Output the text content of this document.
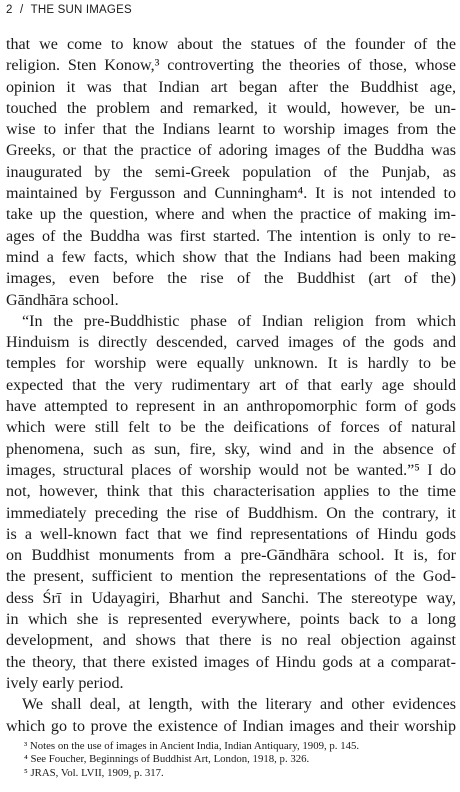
2 / THE SUN IMAGES
that we come to know about the statues of the founder of the
religion. Sten Konow,³ controverting the theories of those, whose
opinion it was that Indian art began after the Buddhist age,
touched the problem and remarked, it would, however, be un-
wise to infer that the Indians learnt to worship images from the
Greeks, or that the practice of adoring images of the Buddha was
inaugurated by the semi-Greek population of the Punjab, as
maintained by Fergusson and Cunningham⁴. It is not intended to
take up the question, where and when the practice of making im-
ages of the Buddha was first started. The intention is only to re-
mind a few facts, which show that the Indians had been making
images, even before the rise of the Buddhist (art of the)
Gāndhāra school.
“In the pre-Buddhistic phase of Indian religion from which
Hinduism is directly descended, carved images of the gods and
temples for worship were equally unknown. It is hardly to be
expected that the very rudimentary art of that early age should
have attempted to represent in an anthropomorphic form of gods
which were still felt to be the deifications of forces of natural
phenomena, such as sun, fire, sky, wind and in the absence of
images, structural places of worship would not be wanted.”⁵ I do
not, however, think that this characterisation applies to the time
immediately preceding the rise of Buddhism. On the contrary, it
is a well-known fact that we find representations of Hindu gods
on Buddhist monuments from a pre-Gāndhāra school. It is, for
the present, sufficient to mention the representations of the God-
dess Śrī in Udayagiri, Bharhut and Sanchi. The stereotype way,
in which she is represented everywhere, points back to a long
development, and shows that there is no real objection against
the theory, that there existed images of Hindu gods at a comparat-
ively early period.
We shall deal, at length, with the literary and other evidences
which go to prove the existence of Indian images and their worship
³ Notes on the use of images in Ancient India, Indian Antiquary, 1909, p. 145.
⁴ See Foucher, Beginnings of Buddhist Art, London, 1918, p. 326.
⁵ JRAS, Vol. LVII, 1909, p. 317.
